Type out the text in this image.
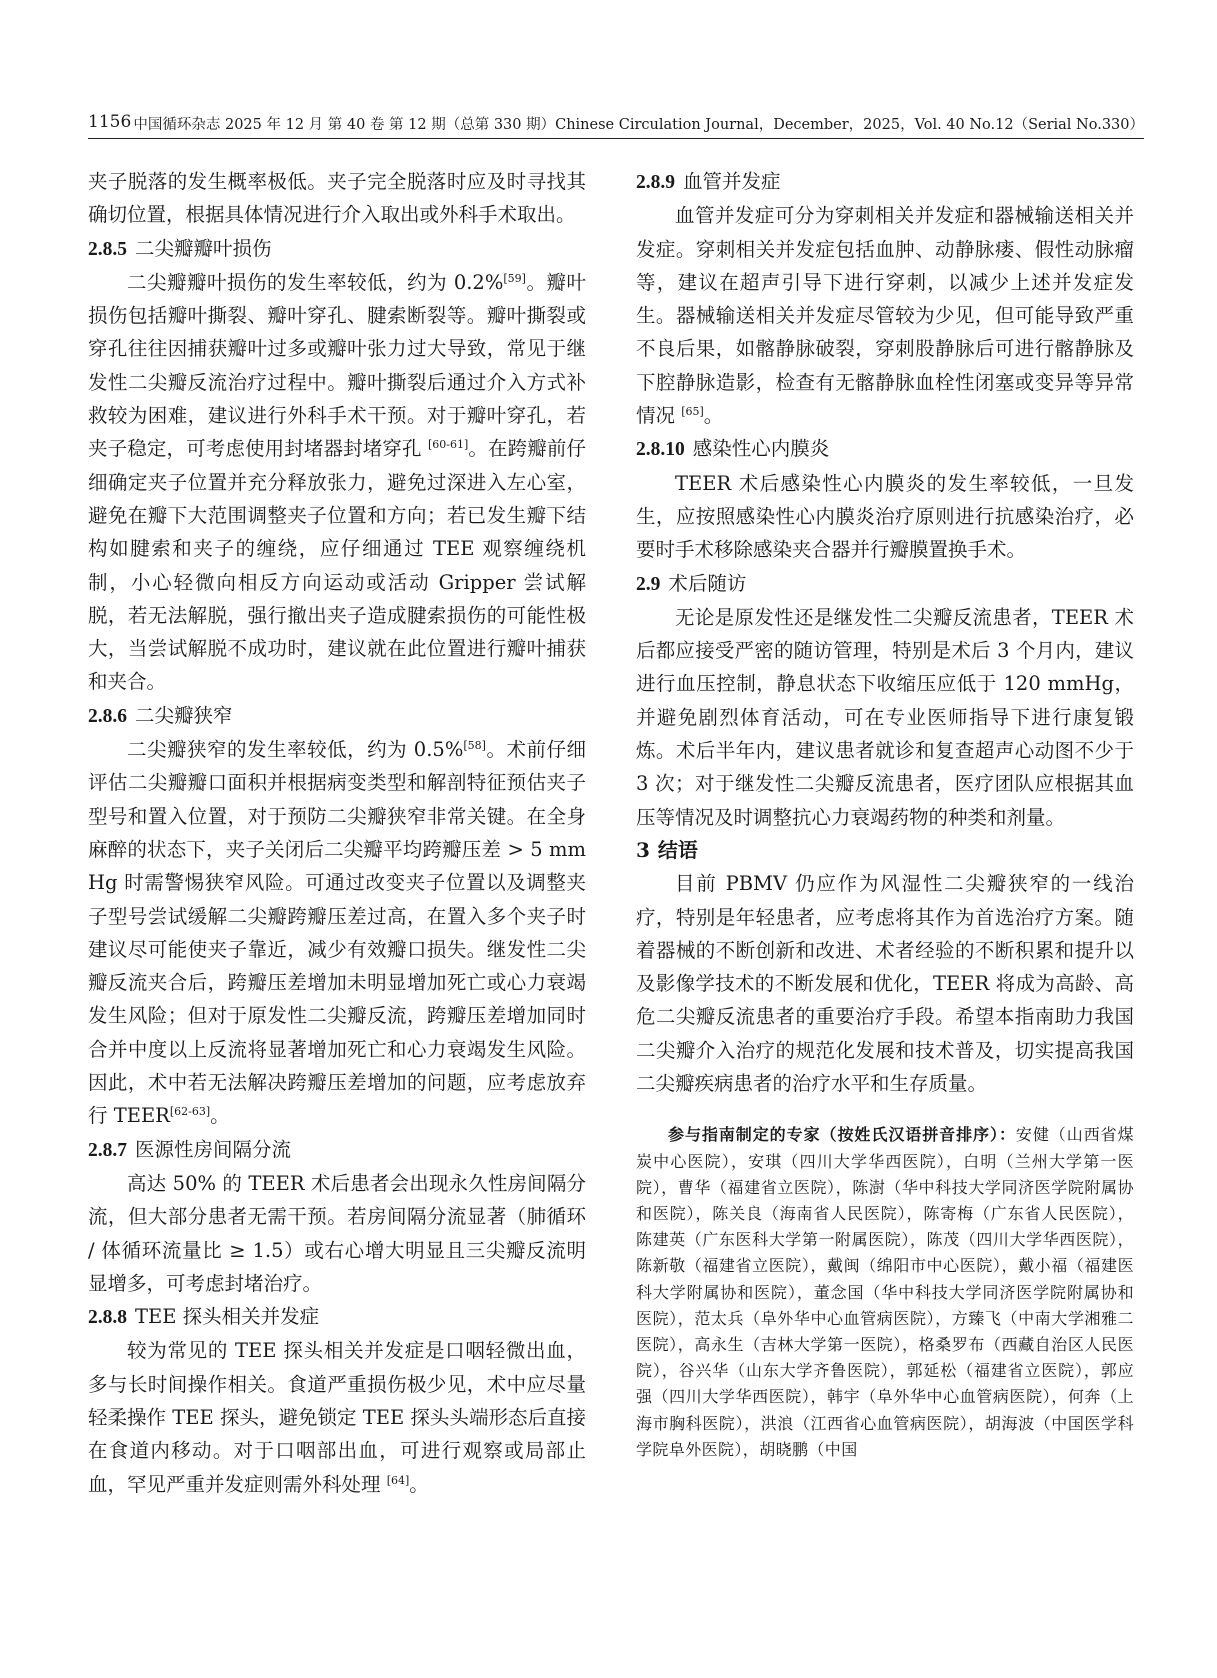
1156 中国循环杂志 2025 年 12 月 第 40 卷 第 12 期（总第 330 期）Chinese Circulation Journal，December，2025，Vol. 40 No.12（Serial No.330）

夹子脱落的发生概率极低。夹子完全脱落时应及时寻找其确切位置，根据具体情况进行介入取出或外科手术取出。

2.8.5 二尖瓣瓣叶损伤

二尖瓣瓣叶损伤的发生率较低，约为 0.2%[59]。瓣叶损伤包括瓣叶撕裂、瓣叶穿孔、腱索断裂等。瓣叶撕裂或穿孔往往因捕获瓣叶过多或瓣叶张力过大导致，常见于继发性二尖瓣反流治疗过程中。瓣叶撕裂后通过介入方式补救较为困难，建议进行外科手术干预。对于瓣叶穿孔，若夹子稳定，可考虑使用封堵器封堵穿孔 [60-61]。在跨瓣前仔细确定夹子位置并充分释放张力，避免过深进入左心室，避免在瓣下大范围调整夹子位置和方向；若已发生瓣下结构如腱索和夹子的缠绕，应仔细通过 TEE 观察缠绕机制，小心轻微向相反方向运动或活动 Gripper 尝试解脱，若无法解脱，强行撤出夹子造成腱索损伤的可能性极大，当尝试解脱不成功时，建议就在此位置进行瓣叶捕获和夹合。

2.8.6 二尖瓣狭窄

二尖瓣狭窄的发生率较低，约为 0.5%[58]。术前仔细评估二尖瓣瓣口面积并根据病变类型和解剖特征预估夹子型号和置入位置，对于预防二尖瓣狭窄非常关键。在全身麻醉的状态下，夹子关闭后二尖瓣平均跨瓣压差 > 5 mmHg 时需警惕狭窄风险。可通过改变夹子位置以及调整夹子型号尝试缓解二尖瓣跨瓣压差过高，在置入多个夹子时建议尽可能使夹子靠近，减少有效瓣口损失。继发性二尖瓣反流夹合后，跨瓣压差增加未明显增加死亡或心力衰竭发生风险；但对于原发性二尖瓣反流，跨瓣压差增加同时合并中度以上反流将显著增加死亡和心力衰竭发生风险。因此，术中若无法解决跨瓣压差增加的问题，应考虑放弃行 TEER[62-63]。

2.8.7 医源性房间隔分流

高达 50% 的 TEER 术后患者会出现永久性房间隔分流，但大部分患者无需干预。若房间隔分流显著（肺循环 / 体循环流量比 ≥ 1.5）或右心增大明显且三尖瓣反流明显增多，可考虑封堵治疗。

2.8.8 TEE 探头相关并发症

较为常见的 TEE 探头相关并发症是口咽轻微出血，多与长时间操作相关。食道严重损伤极少见，术中应尽量轻柔操作 TEE 探头，避免锁定 TEE 探头头端形态后直接在食道内移动。对于口咽部出血，可进行观察或局部止血，罕见严重并发症则需外科处理 [64]。

2.8.9 血管并发症

血管并发症可分为穿刺相关并发症和器械输送相关并发症。穿刺相关并发症包括血肿、动静脉瘘、假性动脉瘤等，建议在超声引导下进行穿刺，以减少上述并发症发生。器械输送相关并发症尽管较为少见，但可能导致严重不良后果，如髂静脉破裂，穿刺股静脉后可进行髂静脉及下腔静脉造影，检查有无髂静脉血栓性闭塞或变异等异常情况 [65]。

2.8.10 感染性心内膜炎

TEER 术后感染性心内膜炎的发生率较低，一旦发生，应按照感染性心内膜炎治疗原则进行抗感染治疗，必要时手术移除感染夹合器并行瓣膜置换手术。

2.9 术后随访

无论是原发性还是继发性二尖瓣反流患者，TEER 术后都应接受严密的随访管理，特别是术后 3 个月内，建议进行血压控制，静息状态下收缩压应低于 120 mmHg，并避免剧烈体育活动，可在专业医师指导下进行康复锻炼。术后半年内，建议患者就诊和复查超声心动图不少于 3 次；对于继发性二尖瓣反流患者，医疗团队应根据其血压等情况及时调整抗心力衰竭药物的种类和剂量。

3 结语

目前 PBMV 仍应作为风湿性二尖瓣狭窄的一线治疗，特别是年轻患者，应考虑将其作为首选治疗方案。随着器械的不断创新和改进、术者经验的不断积累和提升以及影像学技术的不断发展和优化，TEER 将成为高龄、高危二尖瓣反流患者的重要治疗手段。希望本指南助力我国二尖瓣介入治疗的规范化发展和技术普及，切实提高我国二尖瓣疾病患者的治疗水平和生存质量。

参与指南制定的专家（按姓氏汉语拼音排序）：安健（山西省煤炭中心医院），安琪（四川大学华西医院），白明（兰州大学第一医院），曹华（福建省立医院），陈澍（华中科技大学同济医学院附属协和医院），陈关良（海南省人民医院），陈寄梅（广东省人民医院），陈建英（广东医科大学第一附属医院），陈茂（四川大学华西医院），陈新敬（福建省立医院），戴闽（绵阳市中心医院），戴小福（福建医科大学附属协和医院），董念国（华中科技大学同济医学院附属协和医院），范太兵（阜外华中心血管病医院），方臻飞（中南大学湘雅二医院），高永生（吉林大学第一医院），格桑罗布（西藏自治区人民医院），谷兴华（山东大学齐鲁医院），郭延松（福建省立医院），郭应强（四川大学华西医院），韩宇（阜外华中心血管病医院），何奔（上海市胸科医院），洪浪（江西省心血管病医院），胡海波（中国医学科学院阜外医院），胡晓鹏（中国
